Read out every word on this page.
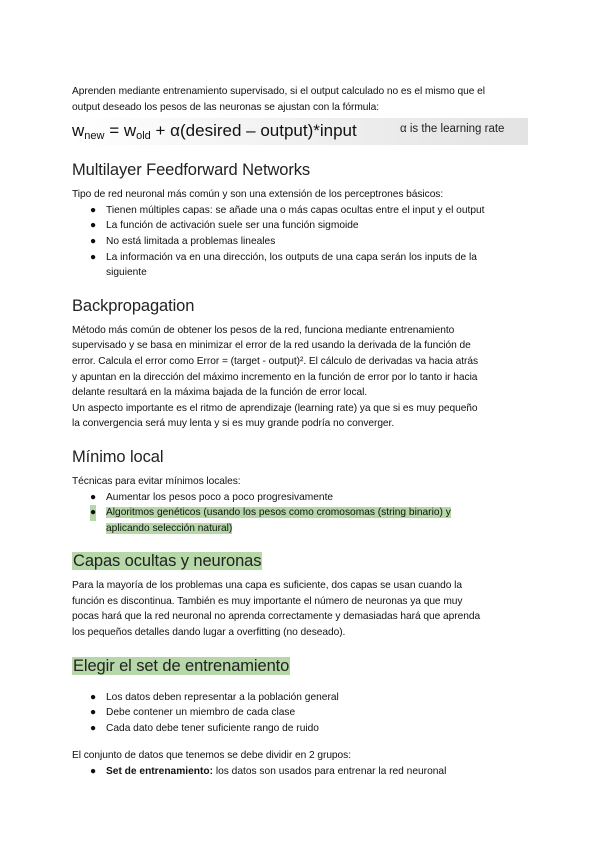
Aprenden mediante entrenamiento supervisado, si el output calculado no es el mismo que el

output deseado los pesos de las neuronas se ajustan con la fórmula:

$w_{new} = w_{old}$ + α(desired – output)*input	α is the learning rate
Multilayer Feedforward Networks

Tipo de red neuronal más común y son una extensión de los perceptrones básicos:

● Tienen múltiples capas: se añade una o más capas ocultas entre el input y el output
● La función de activación suele ser una función sigmoide
● No está limitada a problemas lineales
● La información va en una dirección, los outputs de una capa serán los inputs de la
siguiente
Backpropagation

Método más común de obtener los pesos de la red, funciona mediante entrenamiento

supervisado y se basa en minimizar el error de la red usando la derivada de la función de

error. Calcula el error como Error = (target - output)². El cálculo de derivadas va hacia atrás

y apuntan en la dirección del máximo incremento en la función de error por lo tanto ir hacia

delante resultará en la máxima bajada de la función de error local.

Un aspecto importante es el ritmo de aprendizaje (learning rate) ya que si es muy pequeño

la convergencia será muy lenta y si es muy grande podría no converger.

Mínimo local

Técnicas para evitar mínimos locales:

● Aumentar los pesos poco a poco progresivamente
● Algoritmos genéticos (usando los pesos como cromosomas (string binario) y
aplicando selección natural)
Capas ocultas y neuronas

Para la mayoría de los problemas una capa es suficiente, dos capas se usan cuando la

función es discontinua. También es muy importante el número de neuronas ya que muy

pocas hará que la red neuronal no aprenda correctamente y demasiadas hará que aprenda

los pequeños detalles dando lugar a overfitting (no deseado).

Elegir el set de entrenamiento
● Los datos deben representar a la población general
● Debe contener un miembro de cada clase
● Cada dato debe tener suficiente rango de ruido

El conjunto de datos que tenemos se debe dividir en 2 grupos:

● Set de entrenamiento: los datos son usados para entrenar la red neuronal
